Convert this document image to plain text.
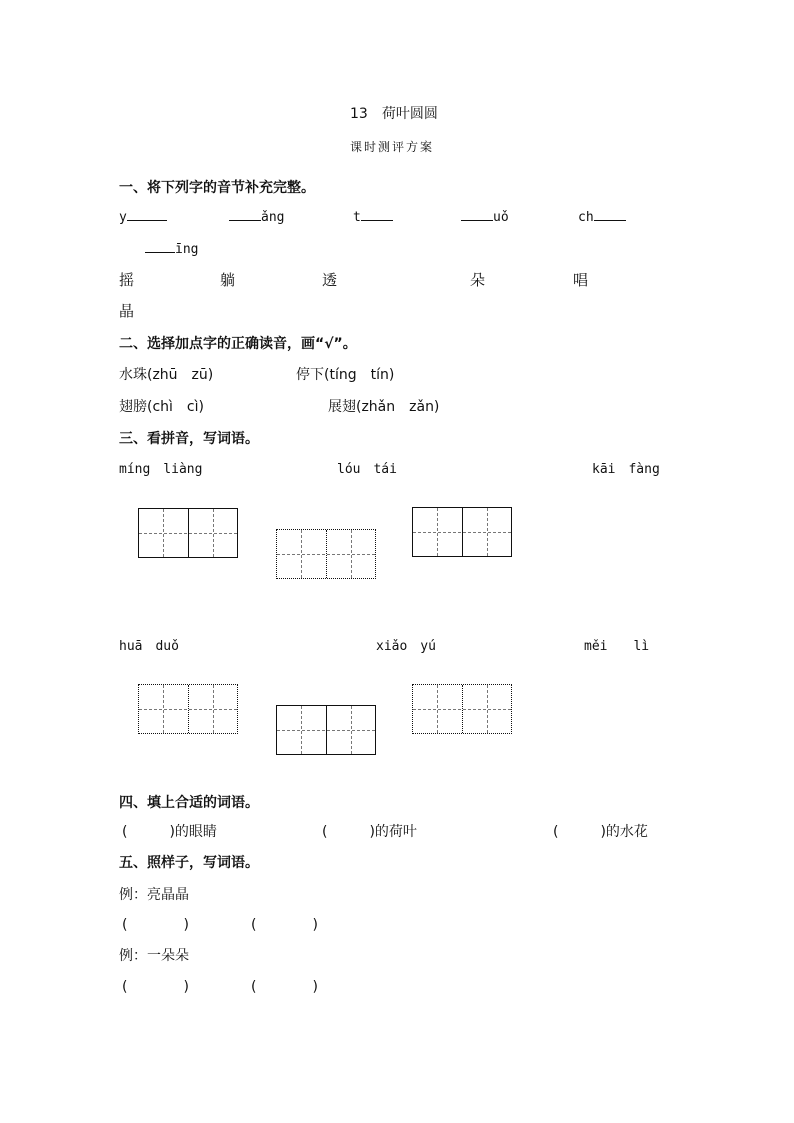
13　荷叶圆圆
课时测评方案
一、将下列字的音节补充完整。
y	ǎng	t	uǒ	ch
īng
摇	躺	透	朵	唱
晶
二、选择加点字的正确读音，画“√”。
水珠(zhū　zū)	停下(tíng　tín)
翅膀(chì　cì)	展翅(zhǎn　zǎn)
三、看拼音，写词语。
míng　liàng	lóu　tái	kāi　fàng
huā　duǒ	xiǎo　yú	měi　　lì
四、填上合适的词语。
(　　　)的眼睛	(　　　)的荷叶	(　　　)的水花
五、照样子，写词语。
例：亮晶晶
(　　　　)	(　　　　)
例：一朵朵
(　　　　)	(　　　　)
